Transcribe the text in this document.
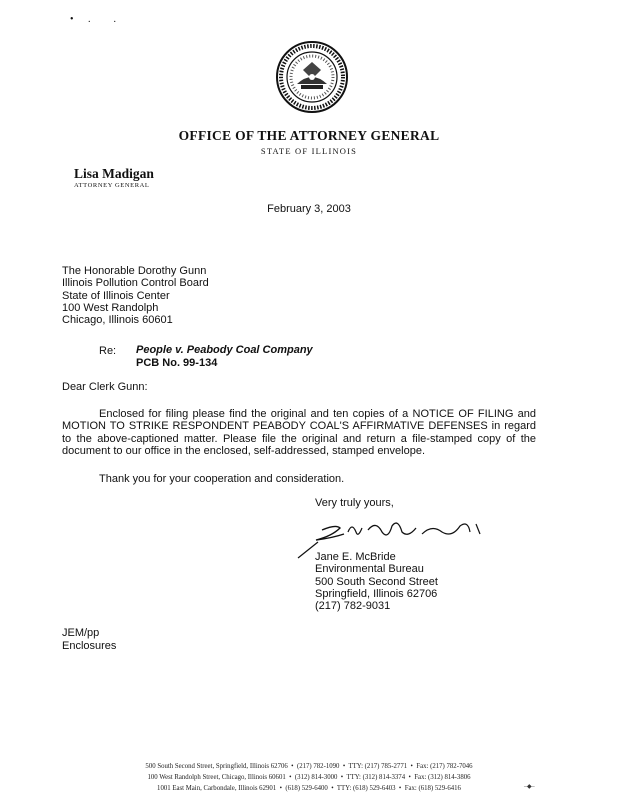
• .  .
OFFICE OF THE ATTORNEY GENERAL
STATE OF ILLINOIS
Lisa Madigan
ATTORNEY GENERAL
February 3, 2003
The Honorable Dorothy Gunn
Illinois Pollution Control Board
State of Illinois Center
100 West Randolph
Chicago, Illinois 60601
Re: People v. Peabody Coal Company
PCB No. 99-134
Dear Clerk Gunn:
Enclosed for filing please find the original and ten copies of a NOTICE OF FILING and MOTION TO STRIKE RESPONDENT PEABODY COAL'S AFFIRMATIVE DEFENSES in regard to the above-captioned matter. Please file the original and return a file-stamped copy of the document to our office in the enclosed, self-addressed, stamped envelope.
Thank you for your cooperation and consideration.
Very truly yours,
Jane E. McBride
Environmental Bureau
500 South Second Street
Springfield, Illinois 62706
(217) 782-9031
JEM/pp
Enclosures
500 South Second Street, Springfield, Illinois 62706  •  (217) 782-1090  •  TTY: (217) 785-2771  •  Fax: (217) 782-7046
100 West Randolph Street, Chicago, Illinois 60601  •  (312) 814-3000  •  TTY: (312) 814-3374  •  Fax: (312) 814-3806
1001 East Main, Carbondale, Illinois 62901  •  (618) 529-6400  •  TTY: (618) 529-6403  •  Fax: (618) 529-6416	–◆–
